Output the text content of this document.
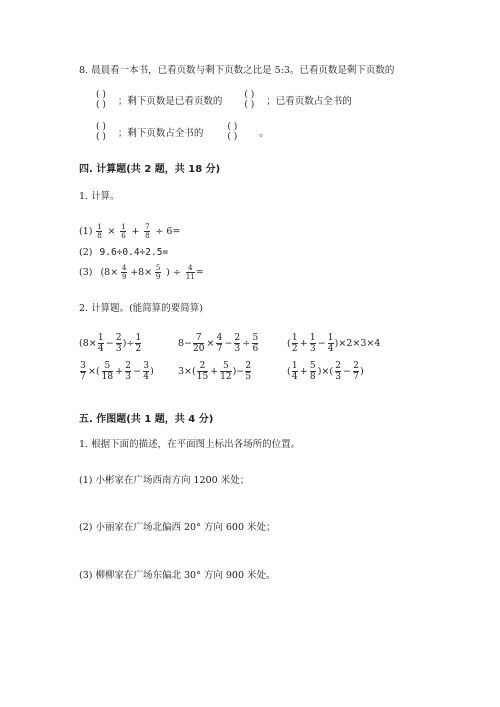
8. 晨晨看一本书，已看页数与剩下页数之比是 5:3。已看页数是剩下页数的
( )
( ) ；剩下页数是已看页数的
( )
( ) ；已看页数占全书的
( )
( ) ；剩下页数占全书的
( )
( ) 。
四. 计算题(共 2 题，共 18 分)
1. 计算。
$(1) \frac{1}{8} \times \frac{1}{6} + \frac{7}{8} \div 6=$
(2) 9.6÷0.4÷2.5=
(3) ($8\times \frac{4}{9} +8\times \frac{5}{9}$ ) ÷ $\frac{4}{11}$ =
2. 计算题。(能简算的要简算)
($8\times \frac{1}{4} - \frac{2}{3}$ )÷ $\frac{1}{2}$	$8- \frac{7}{20} \times \frac{4}{7} - \frac{2}{3} \div \frac{5}{6}$	( $\frac{1}{2} + \frac{1}{3} - \frac{1}{4} )\times 2\times 3\times 4$
$\frac{3}{7}$ ×( $\frac{5}{18} + \frac{2}{3} - \frac{3}{4}$ )	$3\times( \frac{2}{15} + \frac{5}{12}$ )− $\frac{2}{5}$	( $\frac{1}{4} + \frac{5}{8}$ )×( $\frac{2}{3} - \frac{2}{7}$ )
五. 作图题(共 1 题，共 4 分)
1. 根据下面的描述，在平面图上标出各场所的位置。
(1) 小彬家在广场西南方向 1200 米处；
(2) 小丽家在广场北偏西 20° 方向 600 米处；
(3) 柳柳家在广场东偏北 30° 方向 900 米处。
